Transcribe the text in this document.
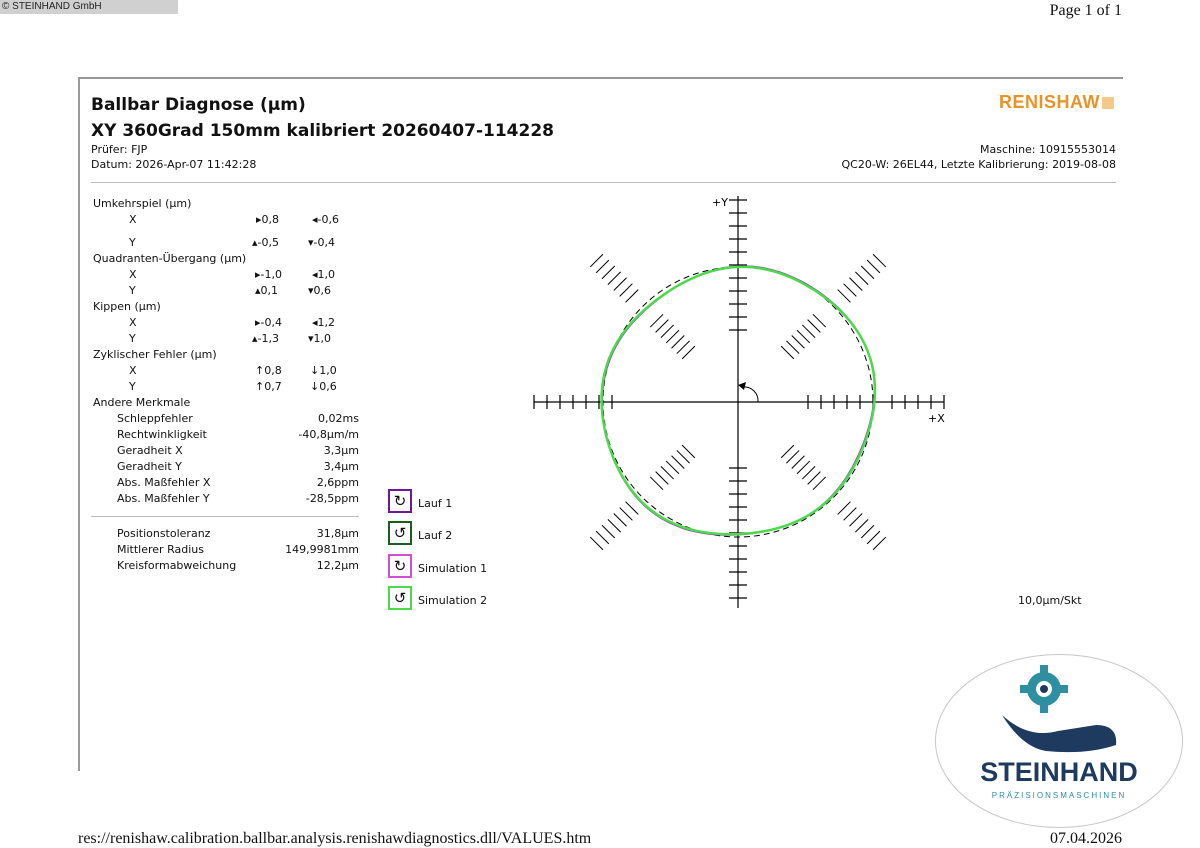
© STEINHAND GmbH	Page 1 of 1
Ballbar Diagnose (µm)
XY 360Grad 150mm kalibriert 20260407-114228
Prüfer: FJP
Datum: 2026-Apr-07 11:42:28
Maschine: 10915553014
QC20-W: 26EL44, Letzte Kalibrierung: 2019-08-08
RENISHAW
Umkehrspiel (µm)
X	▸0,8	◂-0,6
Y	▴-0,5	▾-0,4
Quadranten-Übergang (µm)
X	▸-1,0	◂1,0
Y	▴0,1	▾0,6
Kippen (µm)
X	▸-0,4	◂1,2
Y	▴-1,3	▾1,0
Zyklischer Fehler (µm)
X	↑0,8	↓1,0
Y	↑0,7	↓0,6
Andere Merkmale
Schleppfehler	0,02ms
Rechtwinkligkeit	-40,8µm/m
Geradheit X	3,3µm
Geradheit Y	3,4µm
Abs. Maßfehler X	2,6ppm
Abs. Maßfehler Y	-28,5ppm
Positionstoleranz	31,8µm
Mittlerer Radius	149,9981mm
Kreisformabweichung	12,2µm
↻	Lauf 1
↺	Lauf 2
↻	Simulation 1
↺	Simulation 2
+Y
+X
10,0µm/Skt
STEINHAND
PRÄZISIONSMASCHINEN
res://renishaw.calibration.ballbar.analysis.renishawdiagnostics.dll/VALUES.htm	07.04.2026
